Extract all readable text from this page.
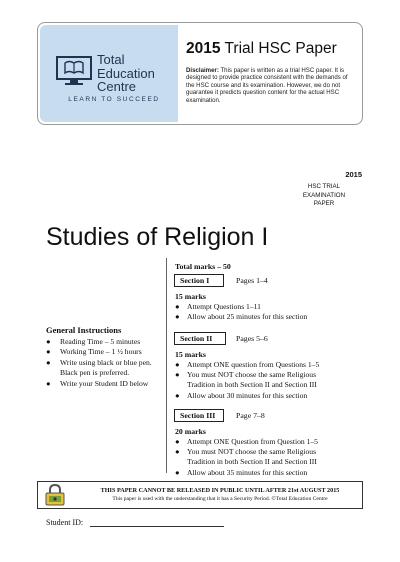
Total
Education
Centre
LEARN TO SUCCEED
2015 Trial HSC Paper
Disclaimer: This paper is written as a trial HSC paper. It is designed to provide practice consistent with the demands of the HSC course and its examination. However, we do not guarantee it predicts question content for the actual HSC examination.
2015
HSC TRIAL
EXAMINATION PAPER
Studies of Religion I
General Instructions
●	Reading Time – 5 minutes
●	Working Time – 1 ½ hours
●	Write using black or blue pen.
Black pen is preferred.
●	Write your Student ID below
Total marks – 50
Section I	Pages 1–4
15 marks
● Attempt Questions 1–11
● Allow about 25 minutes for this section
Section II	Pages 5–6
15 marks
● Attempt ONE question from Questions 1–5
● You must NOT choose the same Religious
Tradition in both Section II and Section III
● Allow about 30 minutes for this section
Section III	Page 7–8
20 marks
● Attempt ONE Question from Question 1–5
● You must NOT choose the same Religious
Tradition in both Section II and Section III
● Allow about 35 minutes for this section
THIS PAPER CANNOT BE RELEASED IN PUBLIC UNTIL AFTER 21st AUGUST 2015
This paper is used with the understanding that it has a Security Period. ©Total Education Centre
Student ID:
